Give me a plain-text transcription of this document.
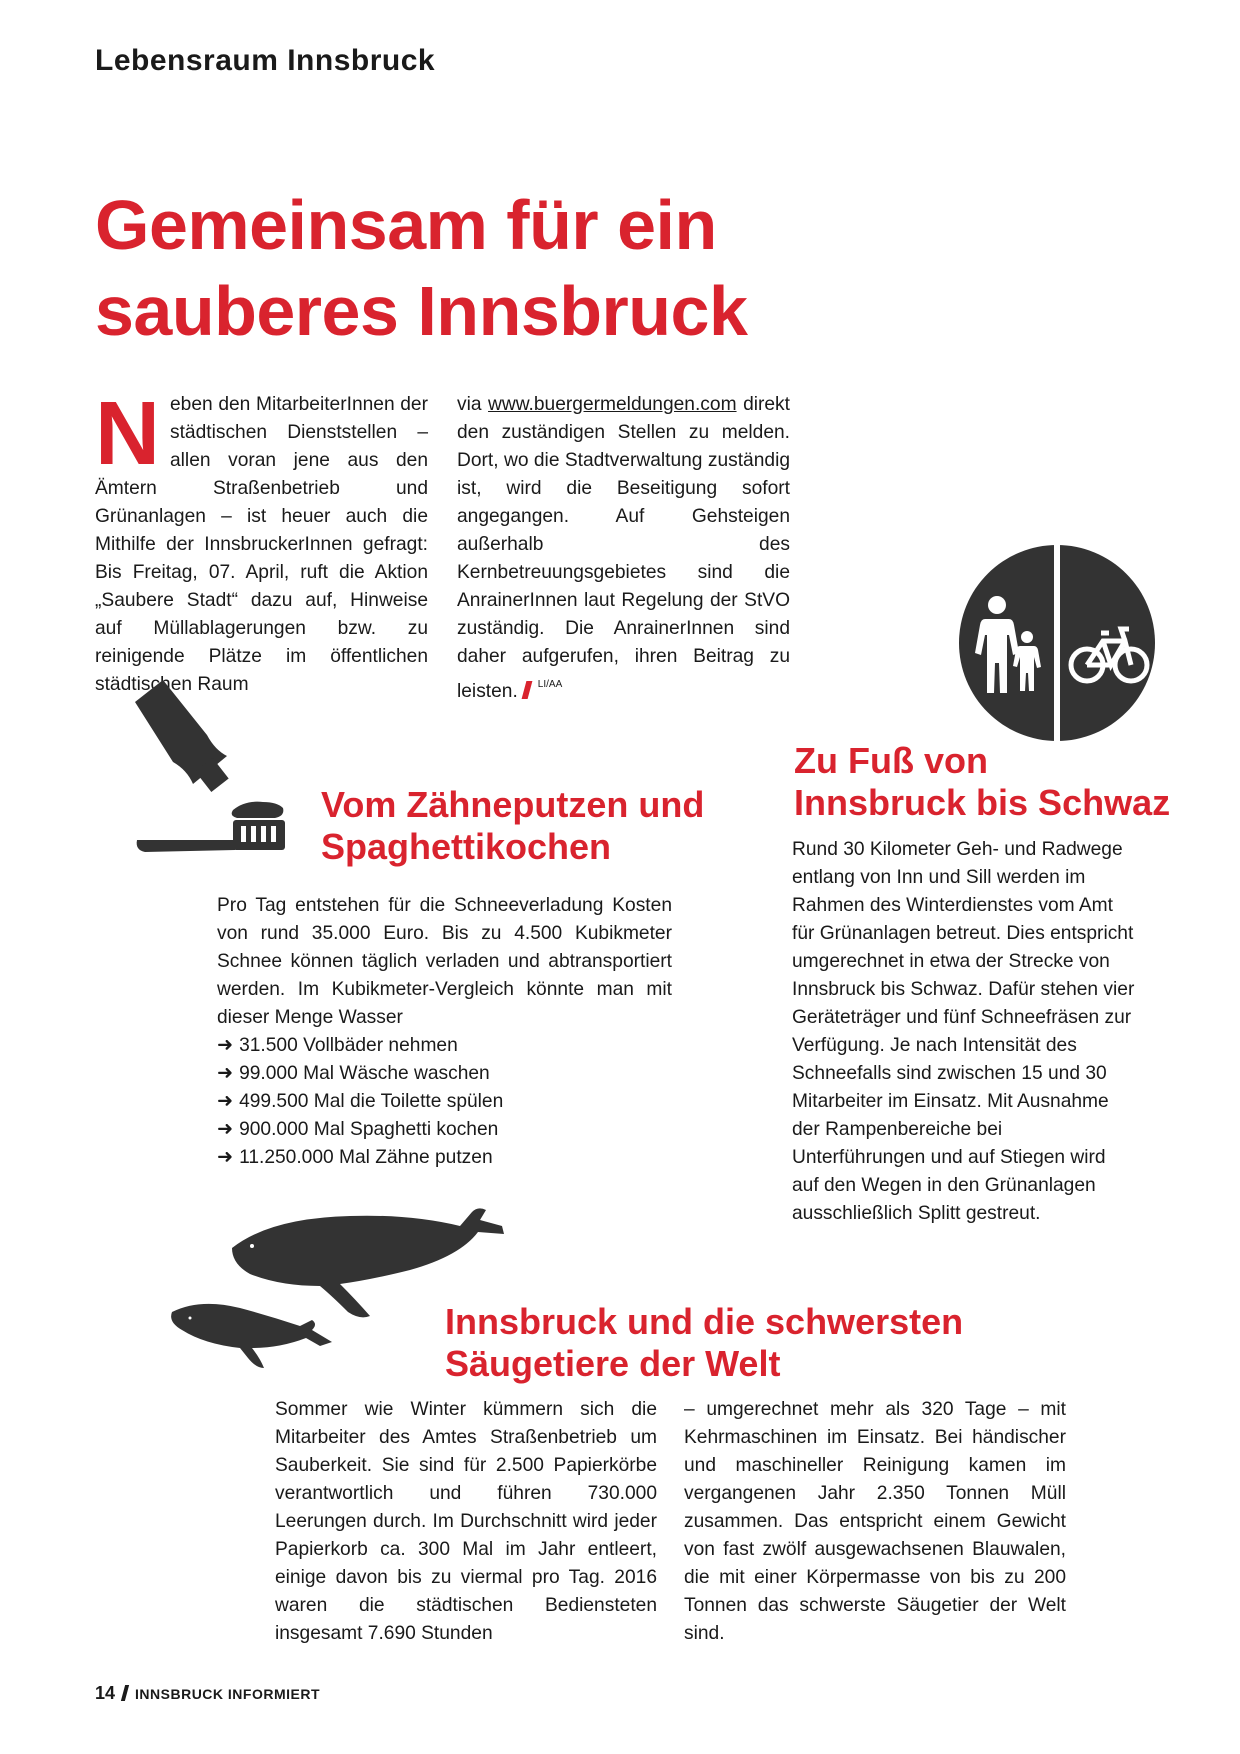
Lebensraum Innsbruck
Gemeinsam für ein
sauberes Innsbruck
Neben den MitarbeiterInnen der städtischen Dienststellen – allen voran jene aus den Ämtern Straßenbetrieb und Grünanlagen – ist heuer auch die Mithilfe der InnsbruckerInnen gefragt: Bis Freitag, 07. April, ruft die Aktion „Saubere Stadt“ dazu auf, Hinweise auf Müllablagerungen bzw. zu reinigende Plätze im öffentlichen städtischen Raum
via www.buergermeldungen.com direkt den zuständigen Stellen zu melden. Dort, wo die Stadtverwaltung zuständig ist, wird die Beseitigung sofort angegangen. Auf Gehsteigen außerhalb des Kernbetreuungsgebietes sind die AnrainerInnen laut Regelung der StVO zuständig. Die AnrainerInnen sind daher aufgerufen, ihren Beitrag zu leisten. $^{LI/AA}$
Vom Zähneputzen und
Spaghettikochen
Pro Tag entstehen für die Schneeverladung Kosten von rund 35.000 Euro. Bis zu 4.500 Kubikmeter Schnee können täglich verladen und abtransportiert werden. Im Kubikmeter-Vergleich könnte man mit dieser Menge Wasser
➜ 31.500 Vollbäder nehmen
➜ 99.000 Mal Wäsche waschen
➜ 499.500 Mal die Toilette spülen
➜ 900.000 Mal Spaghetti kochen
➜ 11.250.000 Mal Zähne putzen
Zu Fuß von
Innsbruck bis Schwaz
Rund 30 Kilometer Geh- und Radwege entlang von Inn und Sill werden im Rahmen des Winterdienstes vom Amt für Grünanlagen betreut. Dies entspricht umgerechnet in etwa der Strecke von Innsbruck bis Schwaz. Dafür stehen vier Geräteträger und fünf Schneefräsen zur Verfügung. Je nach Intensität des Schneefalls sind zwischen 15 und 30 Mitarbeiter im Einsatz. Mit Ausnahme der Rampenbereiche bei Unterführungen und auf Stiegen wird auf den Wegen in den Grünanlagen ausschließlich Splitt gestreut.
Innsbruck und die schwersten
Säugetiere der Welt
Sommer wie Winter kümmern sich die Mitarbeiter des Amtes Straßenbetrieb um Sauberkeit. Sie sind für 2.500 Papierkörbe verantwortlich und führen 730.000 Leerungen durch. Im Durchschnitt wird jeder Papierkorb ca. 300 Mal im Jahr entleert, einige davon bis zu viermal pro Tag. 2016 waren die städtischen Bediensteten insgesamt 7.690 Stunden
– umgerechnet mehr als 320 Tage – mit Kehrmaschinen im Einsatz. Bei händischer und maschineller Reinigung kamen im vergangenen Jahr 2.350 Tonnen Müll zusammen. Das entspricht einem Gewicht von fast zwölf ausgewachsenen Blauwalen, die mit einer Körpermasse von bis zu 200 Tonnen das schwerste Säugetier der Welt sind.
14 INNSBRUCK INFORMIERT
